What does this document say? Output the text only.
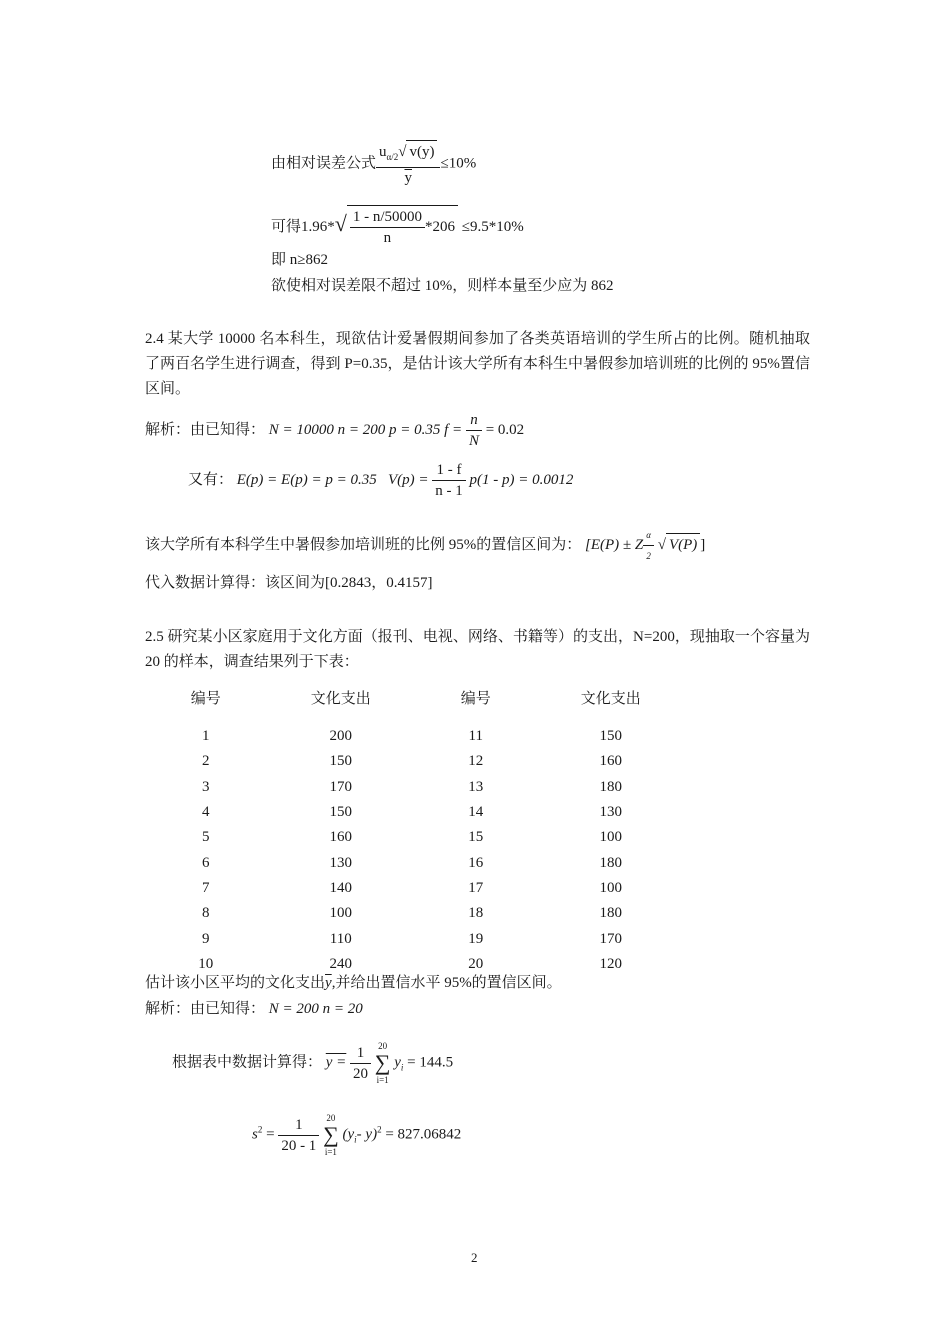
由相对误差公式 $\frac{u_{\alpha/2}√ v(y)}{y} \le 10\%$
可得$1.96*√ \frac{1 - n/50000}{n} *206 \le 9.5*10\%$
即 n≥862
欲使相对误差限不超过 10%，则样本量至少应为 862
2.4 某大学 10000 名本科生，现欲估计爱暑假期间参加了各类英语培训的学生所占的比例。随机抽取了两百名学生进行调查，得到 P=0.35，是估计该大学所有本科生中暑假参加培训班的比例的 95%置信区间。
解析：由已知得： N = 10000 n = 200 p = 0.35 $f = \frac{n}{N} = 0.02$
又有： E(p) = E(p) = p = 0.35 $V(p) = \frac{1 - f}{n - 1} p(1 - p) = 0.0012$
该大学所有本科学生中暑假参加培训班的比例 95%的置信区间为： [E(P) ± Z $\frac{\alpha}{2}$ √ V(P) ]
代入数据计算得：该区间为[0.2843，0.4157]
2.5 研究某小区家庭用于文化方面（报刊、电视、网络、书籍等）的支出，N=200，现抽取一个容量为 20 的样本，调查结果列于下表：
编号	文化支出	编号	文化支出

1	200	11	150
2	150	12	160
3	170	13	180
4	150	14	130
5	160	15	100
6	130	16	180
7	140	17	100
8	100	18	180
9	110	19	170
10	240	20	120
估计该小区平均的文化支出$\overline{y}$,并给出置信水平 95%的置信区间。
解析：由已知得： N = 200 n = 20
根据表中数据计算得： $y = \frac{1}{20}$
20
∑
i=1
$y_i = 144.5$
$s^2 = \frac{1}{20 - 1}$
20
∑
i=1
($y_i-$ y)$^2$ = 827.06842
2
